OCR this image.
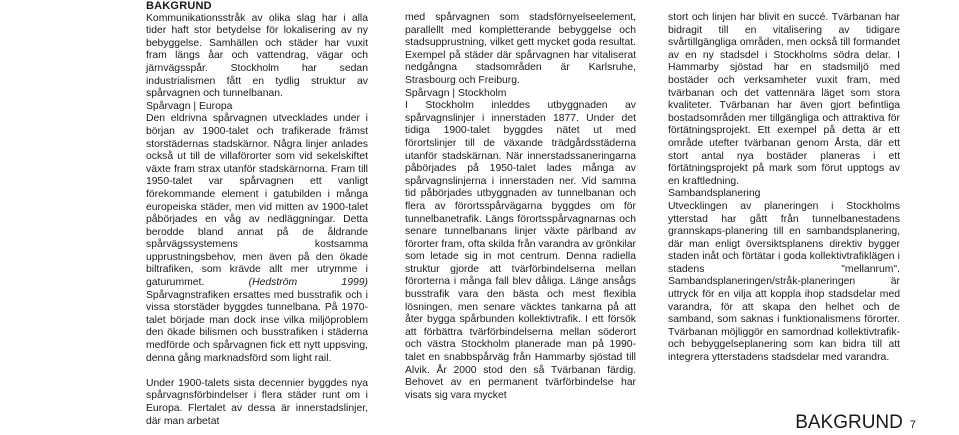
BAKGRUND

Kommunikationsstråk av olika slag har i alla tider haft stor betydelse för lokalisering av ny bebyggelse. Samhällen och städer har vuxit fram längs åar och vattendrag, vägar och järnvägsspår. Stockholm har sedan industrialismen fått en tydlig struktur av spårvagnen och tunnelbanan.

Spårvagn | Europa

Den eldrivna spårvagnen utvecklades under i början av 1900-talet och trafikerade främst storstädernas stadskärnor. Några linjer anlades också ut till de villaförorter som vid sekelskiftet växte fram strax utanför stadskärnorna. Fram till 1950-talet var spårvagnen ett vanligt förekommande element i gatubilden i många europeiska städer, men vid mitten av 1900-talet påbörjades en våg av nedläggningar. Detta berodde bland annat på de åldrande spårvägssystemens kostsamma upprustningsbehov, men även på den ökade biltrafiken, som krävde allt mer utrymme i gaturummet.	(Hedström 1999) Spårvagnstrafiken ersattes med busstrafik och i vissa storstäder byggdes tunnelbana. På 1970-talet började man dock inse vilka miljöproblem den ökade bilismen och busstrafiken i städerna medförde och spårvagnen fick ett nytt uppsving, denna gång marknadsförd som light rail.

Under 1900-talets sista decennier byggdes nya spårvagnsförbindelser i flera städer runt om i Europa. Flertalet av dessa är innerstadslinjer, där man arbetat

med spårvagnen som stadsförnyelseelement, parallellt med kompletterande bebyggelse och stadsupprustning, vilket gett mycket goda resultat. Exempel på städer där spårvagnen har vitaliserat nedgångna stadsområden är Karlsruhe, Strasbourg och Freiburg.

Spårvagn | Stockholm

I Stockholm inleddes utbyggnaden av spårvagnslinjer i innerstaden 1877. Under det tidiga 1900-talet byggdes nätet ut med förortslinjer till de växande trädgårdsstäderna utanför stadskärnan. När innerstadssaneringarna påbörjades på 1950-talet lades många av spårvagnslinjerna i innerstaden ner. Vid samma tid påbörjades utbyggnaden av tunnelbanan och flera av förortsspårvägarna byggdes om för tunnelbanetrafik. Längs förortsspårvagnarnas och senare tunnelbanans linjer växte pärlband av förorter fram, ofta skilda från varandra av grönkilar som letade sig in mot centrum. Denna radiella struktur gjorde att tvärförbindelserna mellan förorterna i många fall blev dåliga. Länge ansågs busstrafik vara den bästa och mest flexibla lösningen, men senare väcktes tankarna på att åter bygga spårbunden kollektivtrafik. I ett försök att förbättra tvärförbindelserna mellan söderort och västra Stockholm planerade man på 1990-talet en snabbspårväg från Hammarby sjöstad till Alvik. År 2000 stod den så Tvärbanan färdig. Behovet av en permanent tvärförbindelse har visats sig vara mycket

stort och linjen har blivit en succé. Tvärbanan har bidragit till en vitalisering av tidigare svårtillgängliga områden, men också till formandet av en ny stadsdel i Stockholms södra delar. I Hammarby sjöstad har en stadsmiljö med bostäder och verksamheter vuxit fram, med tvärbanan och det vattennära läget som stora kvaliteter. Tvärbanan har även gjort befintliga bostadsområden mer tillgängliga och attraktiva för förtätningsprojekt. Ett exempel på detta är ett område utefter tvärbanan genom Årsta, där ett stort antal nya bostäder planeras i ett förtätningsprojekt på mark som förut upptogs av en kraftledning.

Sambandsplanering

Utvecklingen av planeringen i Stockholms ytterstad har gått från tunnelbanestadens grannskaps-planering till en sambandsplanering, där man enligt översiktsplanens direktiv bygger staden inåt och förtätar i goda kollektivtrafiklägen i stadens "mellanrum". Sambandsplaneringen/stråk-planeringen är uttryck för en vilja att koppla ihop stadsdelar med varandra, för att skapa den helhet och de samband, som saknas i funktionalismens förorter. Tvärbanan möjliggör en samordnad kollektivtrafik- och bebyggelseplanering som kan bidra till att integrera ytterstadens stadsdelar med varandra.

BAKGRUND 7
